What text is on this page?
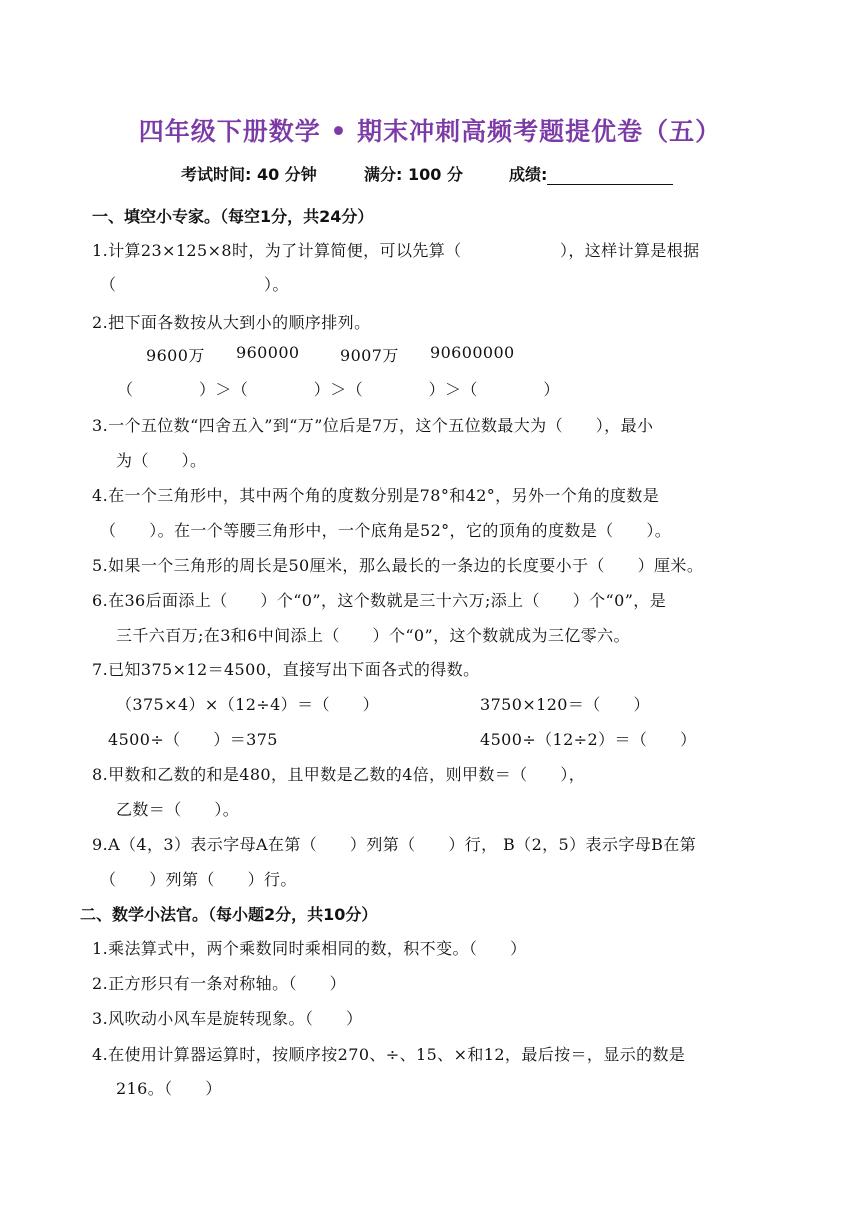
四年级下册数学 • 期末冲刺高频考题提优卷（五）
考试时间: 40 分钟	满分: 100 分	成绩:
一、填空小专家。（每空1分，共24分）
1.计算23×125×8时，为了计算简便，可以先算（　　　　　　），这样计算是根据
（　　　　　　　　　）。
2.把下面各数按从大到小的顺序排列。
9600万 960000	9007万 90600000
（　　　　）＞（　　　　）＞（　　　　）＞（　　　　）
3.一个五位数“四舍五入”到“万”位后是7万，这个五位数最大为（　　），最小
为（　　）。
4.在一个三角形中，其中两个角的度数分别是78°和42°，另外一个角的度数是
（　　）。在一个等腰三角形中，一个底角是52°，它的顶角的度数是（　　）。
5.如果一个三角形的周长是50厘米，那么最长的一条边的长度要小于（　　）厘米。
6.在36后面添上（　　）个“0”，这个数就是三十六万;添上（　　）个“0”，是
三千六百万;在3和6中间添上（　　）个“0”，这个数就成为三亿零六。
7.已知375×12＝4500，直接写出下面各式的得数。
（375×4）×（12÷4）＝（　　）	3750×120＝（　　）
4500÷（　　）＝375	4500÷（12÷2）＝（　　）
8.甲数和乙数的和是480，且甲数是乙数的4倍，则甲数＝（　　），
乙数＝（　　）。
9.A（4，3）表示字母A在第（　　）列第（　　）行， B（2，5）表示字母B在第
（　　）列第（　　）行。
二、数学小法官。（每小题2分，共10分）
1.乘法算式中，两个乘数同时乘相同的数，积不变。（　　）
2.正方形只有一条对称轴。（　　）
3.风吹动小风车是旋转现象。（　　）
4.在使用计算器运算时，按顺序按270、÷、15、×和12，最后按＝，显示的数是
216。（　　）
